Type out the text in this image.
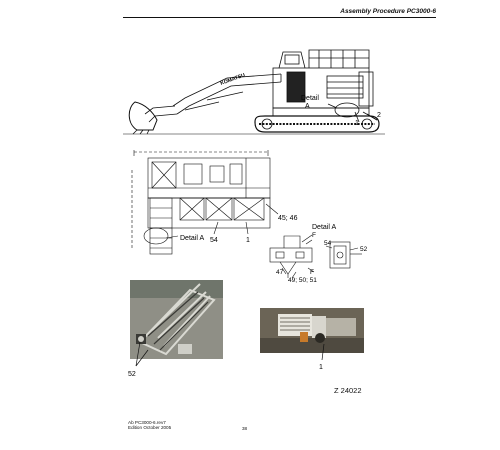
Assembly Procedure PC3000-6
KOMATSU
Detail
A
1
2
45; 46
54	1
Detail A
Detail A
F
54
52
47	F
49; 50; 51
52
1
Z 24022
Ab PC3000-6.rev7
Edition October 2005	38
